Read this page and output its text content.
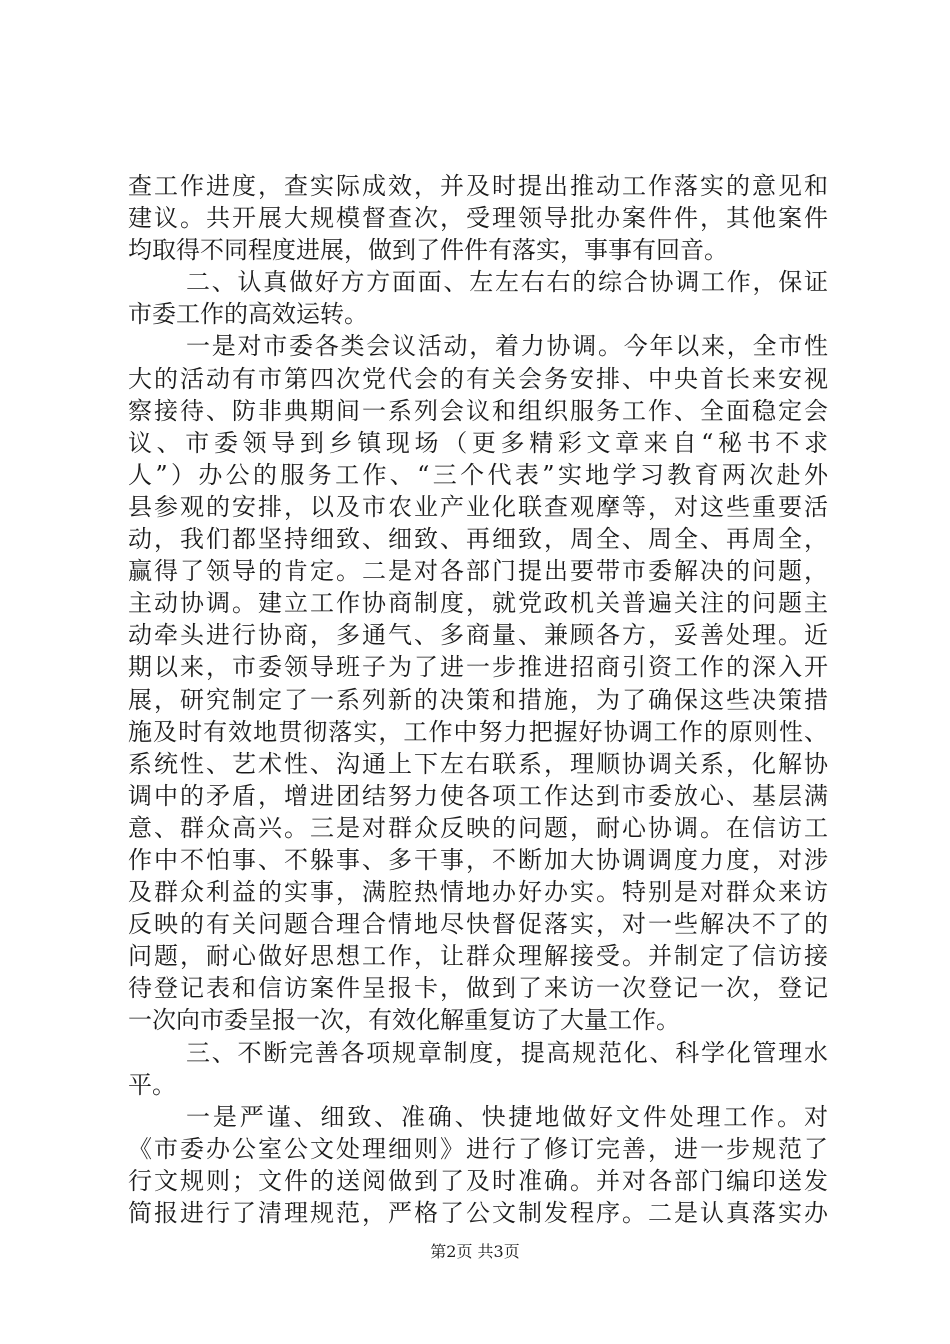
查工作进度，查实际成效，并及时提出推动工作落实的意见和
建议。共开展大规模督查次，受理领导批办案件件，其他案件
均取得不同程度进展，做到了件件有落实，事事有回音。
二、认真做好方方面面、左左右右的综合协调工作，保证
市委工作的高效运转。
一是对市委各类会议活动，着力协调。今年以来，全市性
大的活动有市第四次党代会的有关会务安排、中央首长来安视
察接待、防非典期间一系列会议和组织服务工作、全面稳定会
议、市委领导到乡镇现场（更多精彩文章来自“秘书不求
人”）办公的服务工作、“三个代表”实地学习教育两次赴外
县参观的安排，以及市农业产业化联查观摩等，对这些重要活
动，我们都坚持细致、细致、再细致，周全、周全、再周全，
赢得了领导的肯定。二是对各部门提出要带市委解决的问题，
主动协调。建立工作协商制度，就党政机关普遍关注的问题主
动牵头进行协商，多通气、多商量、兼顾各方，妥善处理。近
期以来，市委领导班子为了进一步推进招商引资工作的深入开
展，研究制定了一系列新的决策和措施，为了确保这些决策措
施及时有效地贯彻落实，工作中努力把握好协调工作的原则性、
系统性、艺术性、沟通上下左右联系，理顺协调关系，化解协
调中的矛盾，增进团结努力使各项工作达到市委放心、基层满
意、群众高兴。三是对群众反映的问题，耐心协调。在信访工
作中不怕事、不躲事、多干事，不断加大协调调度力度，对涉
及群众利益的实事，满腔热情地办好办实。特别是对群众来访
反映的有关问题合理合情地尽快督促落实，对一些解决不了的
问题，耐心做好思想工作，让群众理解接受。并制定了信访接
待登记表和信访案件呈报卡，做到了来访一次登记一次，登记
一次向市委呈报一次，有效化解重复访了大量工作。
三、不断完善各项规章制度，提高规范化、科学化管理水
平。
一是严谨、细致、准确、快捷地做好文件处理工作。对
《市委办公室公文处理细则》进行了修订完善，进一步规范了
行文规则；文件的送阅做到了及时准确。并对各部门编印送发
简报进行了清理规范，严格了公文制发程序。二是认真落实办
第2页 共3页
